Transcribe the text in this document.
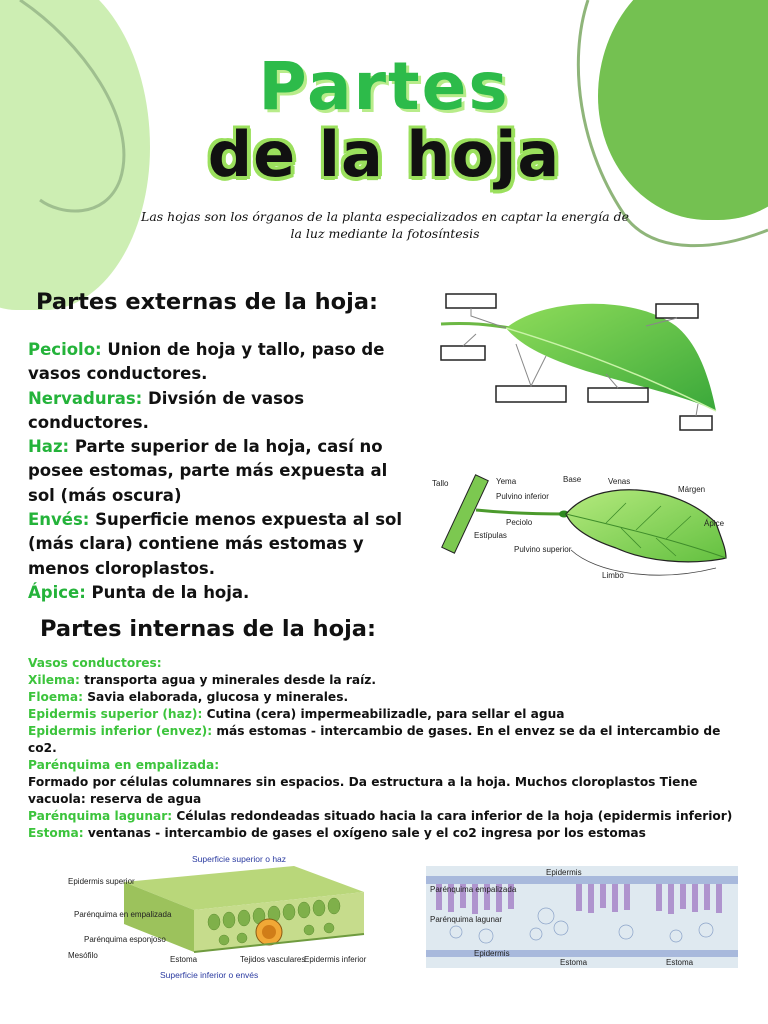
Partes
de la hoja
Las hojas son los órganos de la planta especializados en captar la energía de la luz mediante la fotosíntesis
Partes externas de la hoja:
Peciolo: Union de hoja y tallo, paso de vasos conductores.
Nervaduras: Divsión de vasos conductores.
Haz: Parte superior de la hoja, casí no posee estomas, parte más expuesta al sol (más oscura)
Envés: Superficie menos expuesta al sol (más clara) contiene más estomas y menos cloroplastos.
Ápice: Punta de la hoja.
Tallo	Yema	Base	Venas
Márgen
Pulvino inferior
Peciolo	Ápice
Estípulas
Pulvino superior
Limbo
Partes internas de la hoja:
Vasos conductores:
Xilema: transporta agua y minerales desde la raíz.
Floema: Savia elaborada, glucosa y minerales.
Epidermis superior (haz): Cutina (cera) impermeabilizadle, para sellar el agua
Epidermis inferior (envez): más estomas - intercambio de gases. En el envez se da el intercambio de co2.
Parénquima en empalizada:
Formado por células columnares sin espacios. Da estructura a la hoja. Muchos cloroplastos Tiene vacuola: reserva de agua
Parénquima lagunar: Células redondeadas situado hacia la cara inferior de la hoja (epidermis inferior)
Estoma: ventanas - intercambio de gases el oxígeno sale y el co2 ingresa por los estomas
Superficie superior o haz
Epidermis superior
Parénquima en empalizada
Parénquima esponjoso
Mesófilo	Estoma	Tejidos vasculares
Epidermis inferior
Superficie inferior o envés
Epidermis
Parénquima empalizada
Parénquima lagunar
Epidermis
Estoma	Estoma
